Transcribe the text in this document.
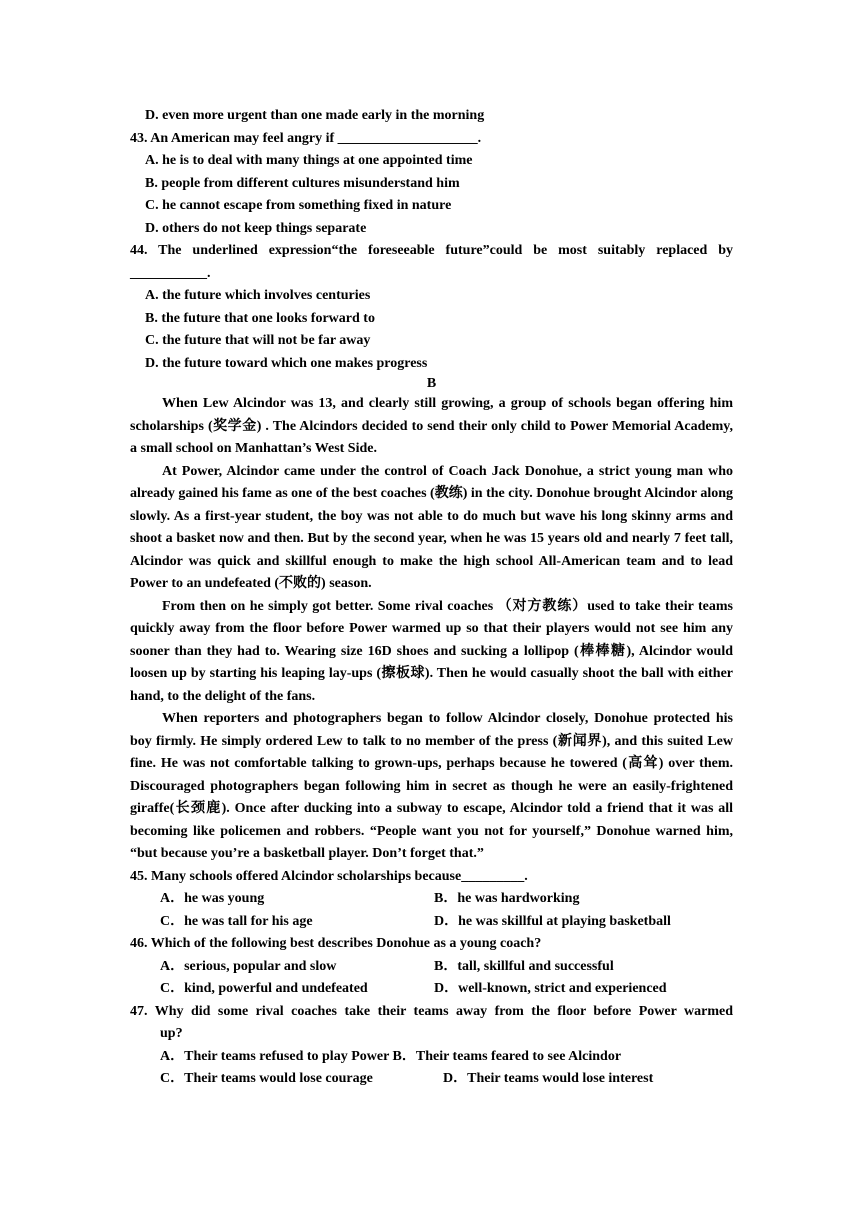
D. even more urgent than one made early in the morning
43. An American may feel angry if ____________________.
A. he is to deal with many things at one appointed time
B. people from different cultures misunderstand him
C. he cannot escape from something fixed in nature
D. others do not keep things separate
44. The underlined expression“the foreseeable future”could be most suitably replaced by
___________.
A. the future which involves centuries
B. the future that one looks forward to
C. the future that will not be far away
D. the future toward which one makes progress
B

When Lew Alcindor was 13, and clearly still growing, a group of schools began offering him scholarships (奖学金) . The Alcindors decided to send their only child to Power Memorial Academy, a small school on Manhattan’s West Side.

At Power, Alcindor came under the control of Coach Jack Donohue, a strict young man who already gained his fame as one of the best coaches (教练) in the city. Donohue brought Alcindor along slowly. As a first-year student, the boy was not able to do much but wave his long skinny arms and shoot a basket now and then. But by the second year, when he was 15 years old and nearly 7 feet tall, Alcindor was quick and skillful enough to make the high school All-American team and to lead Power to an undefeated (不败的) season.

From then on he simply got better. Some rival coaches （对方教练）used to take their teams quickly away from the floor before Power warmed up so that their players would not see him any sooner than they had to. Wearing size 16D shoes and sucking a lollipop (棒棒糖), Alcindor would loosen up by starting his leaping lay-ups (擦板球). Then he would casually shoot the ball with either hand, to the delight of the fans.

When reporters and photographers began to follow Alcindor closely, Donohue protected his boy firmly. He simply ordered Lew to talk to no member of the press (新闻界), and this suited Lew fine. He was not comfortable talking to grown-ups, perhaps because he towered (高耸) over them. Discouraged photographers began following him in secret as though he were an easily-frightened giraffe(长颈鹿). Once after ducking into a subway to escape, Alcindor told a friend that it was all becoming like policemen and robbers. “People want you not for yourself,” Donohue warned him, “but because you’re a basketball player. Don’t forget that.”

45. Many schools offered Alcindor scholarships because_________.
A．he was young	B．he was hardworking
C．he was tall for his age	D．he was skillful at playing basketball
46. Which of the following best describes Donohue as a young coach?
A．serious, popular and slow	B．tall, skillful and successful
C．kind, powerful and undefeated	D．well-known, strict and experienced
47. Why did some rival coaches take their teams away from the floor before Power warmed
up?
A．Their teams refused to play Power B．Their teams feared to see Alcindor
C．Their teams would lose courage	D．Their teams would lose interest
